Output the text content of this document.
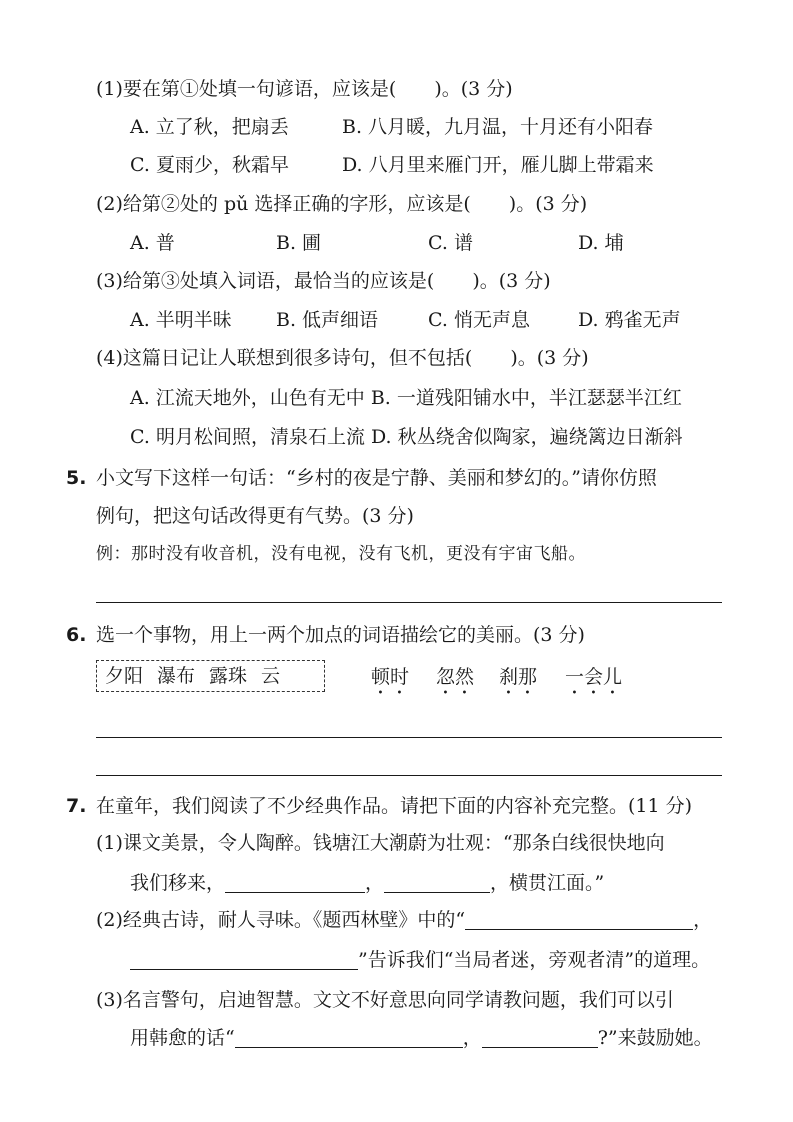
(1)要在第①处填一句谚语，应该是(　　)。(3 分)
A. 立了秋，把扇丢	B. 八月暖，九月温，十月还有小阳春
C. 夏雨少，秋霜早	D. 八月里来雁门开，雁儿脚上带霜来
(2)给第②处的 pǔ 选择正确的字形，应该是(　　)。(3 分)
A. 普	B. 圃	C. 谱	D. 埔
(3)给第③处填入词语，最恰当的应该是(　　)。(3 分)
A. 半明半昧 B. 低声细语	C. 悄无声息	D. 鸦雀无声
(4)这篇日记让人联想到很多诗句，但不包括(　　)。(3 分)
A. 江流天地外，山色有无中 B. 一道残阳铺水中，半江瑟瑟半江红
C. 明月松间照，清泉石上流 D. 秋丛绕舍似陶家，遍绕篱边日渐斜
5. 小文写下这样一句话：“乡村的夜是宁静、美丽和梦幻的。”请你仿照
例句，把这句话改得更有气势。(3 分)
例：那时没有收音机，没有电视，没有飞机，更没有宇宙飞船。
6. 选一个事物，用上一两个加点的词语描绘它的美丽。(3 分)
夕阳 瀑布 露珠 云	顿时 忽然 刹那 一会儿
7. 在童年，我们阅读了不少经典作品。请把下面的内容补充完整。(11 分)
(1)课文美景，令人陶醉。钱塘江大潮蔚为壮观：“那条白线很快地向
我们移来，	，	，横贯江面。”
(2)经典古诗，耐人寻味。《题西林壁》中的“	，
”告诉我们“当局者迷，旁观者清”的道理。
(3)名言警句，启迪智慧。文文不好意思向同学请教问题，我们可以引
用韩愈的话“	，	?”来鼓励她。
